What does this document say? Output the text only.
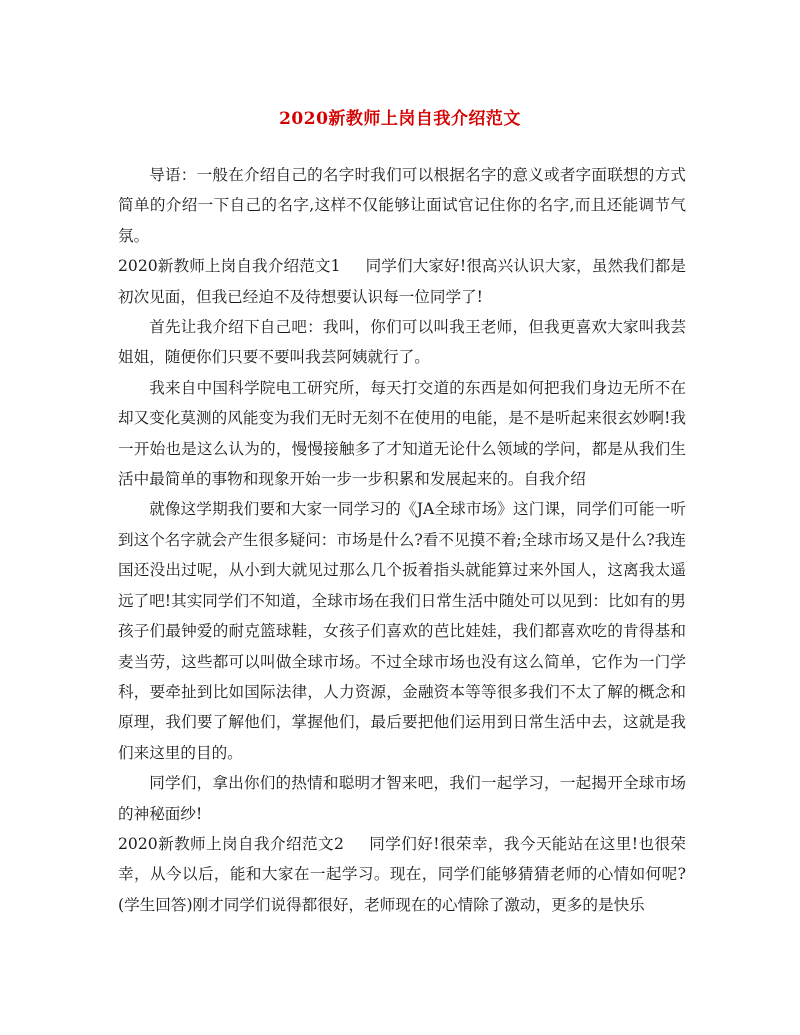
2020新教师上岗自我介绍范文

导语：一般在介绍自己的名字时我们可以根据名字的意义或者字面联想的方式简单的介绍一下自己的名字,这样不仅能够让面试官记住你的名字,而且还能调节气氛。

2020新教师上岗自我介绍范文1 同学们大家好!很高兴认识大家，虽然我们都是初次见面，但我已经迫不及待想要认识每一位同学了!

首先让我介绍下自己吧：我叫，你们可以叫我王老师，但我更喜欢大家叫我芸姐姐，随便你们只要不要叫我芸阿姨就行了。

我来自中国科学院电工研究所，每天打交道的东西是如何把我们身边无所不在却又变化莫测的风能变为我们无时无刻不在使用的电能，是不是听起来很玄妙啊!我一开始也是这么认为的，慢慢接触多了才知道无论什么领域的学问，都是从我们生活中最简单的事物和现象开始一步一步积累和发展起来的。自我介绍

就像这学期我们要和大家一同学习的《JA全球市场》这门课，同学们可能一听到这个名字就会产生很多疑问：市场是什么?看不见摸不着;全球市场又是什么?我连国还没出过呢，从小到大就见过那么几个扳着指头就能算过来外国人，这离我太遥远了吧!其实同学们不知道，全球市场在我们日常生活中随处可以见到：比如有的男孩子们最钟爱的耐克篮球鞋，女孩子们喜欢的芭比娃娃，我们都喜欢吃的肯得基和麦当劳，这些都可以叫做全球市场。不过全球市场也没有这么简单，它作为一门学科，要牵扯到比如国际法律，人力资源，金融资本等等很多我们不太了解的概念和原理，我们要了解他们，掌握他们，最后要把他们运用到日常生活中去，这就是我们来这里的目的。

同学们，拿出你们的热情和聪明才智来吧，我们一起学习，一起揭开全球市场的神秘面纱!

2020新教师上岗自我介绍范文2 同学们好!很荣幸，我今天能站在这里!也很荣幸，从今以后，能和大家在一起学习。现在，同学们能够猜猜老师的心情如何呢?(学生回答)刚才同学们说得都很好，老师现在的心情除了激动，更多的是快乐
